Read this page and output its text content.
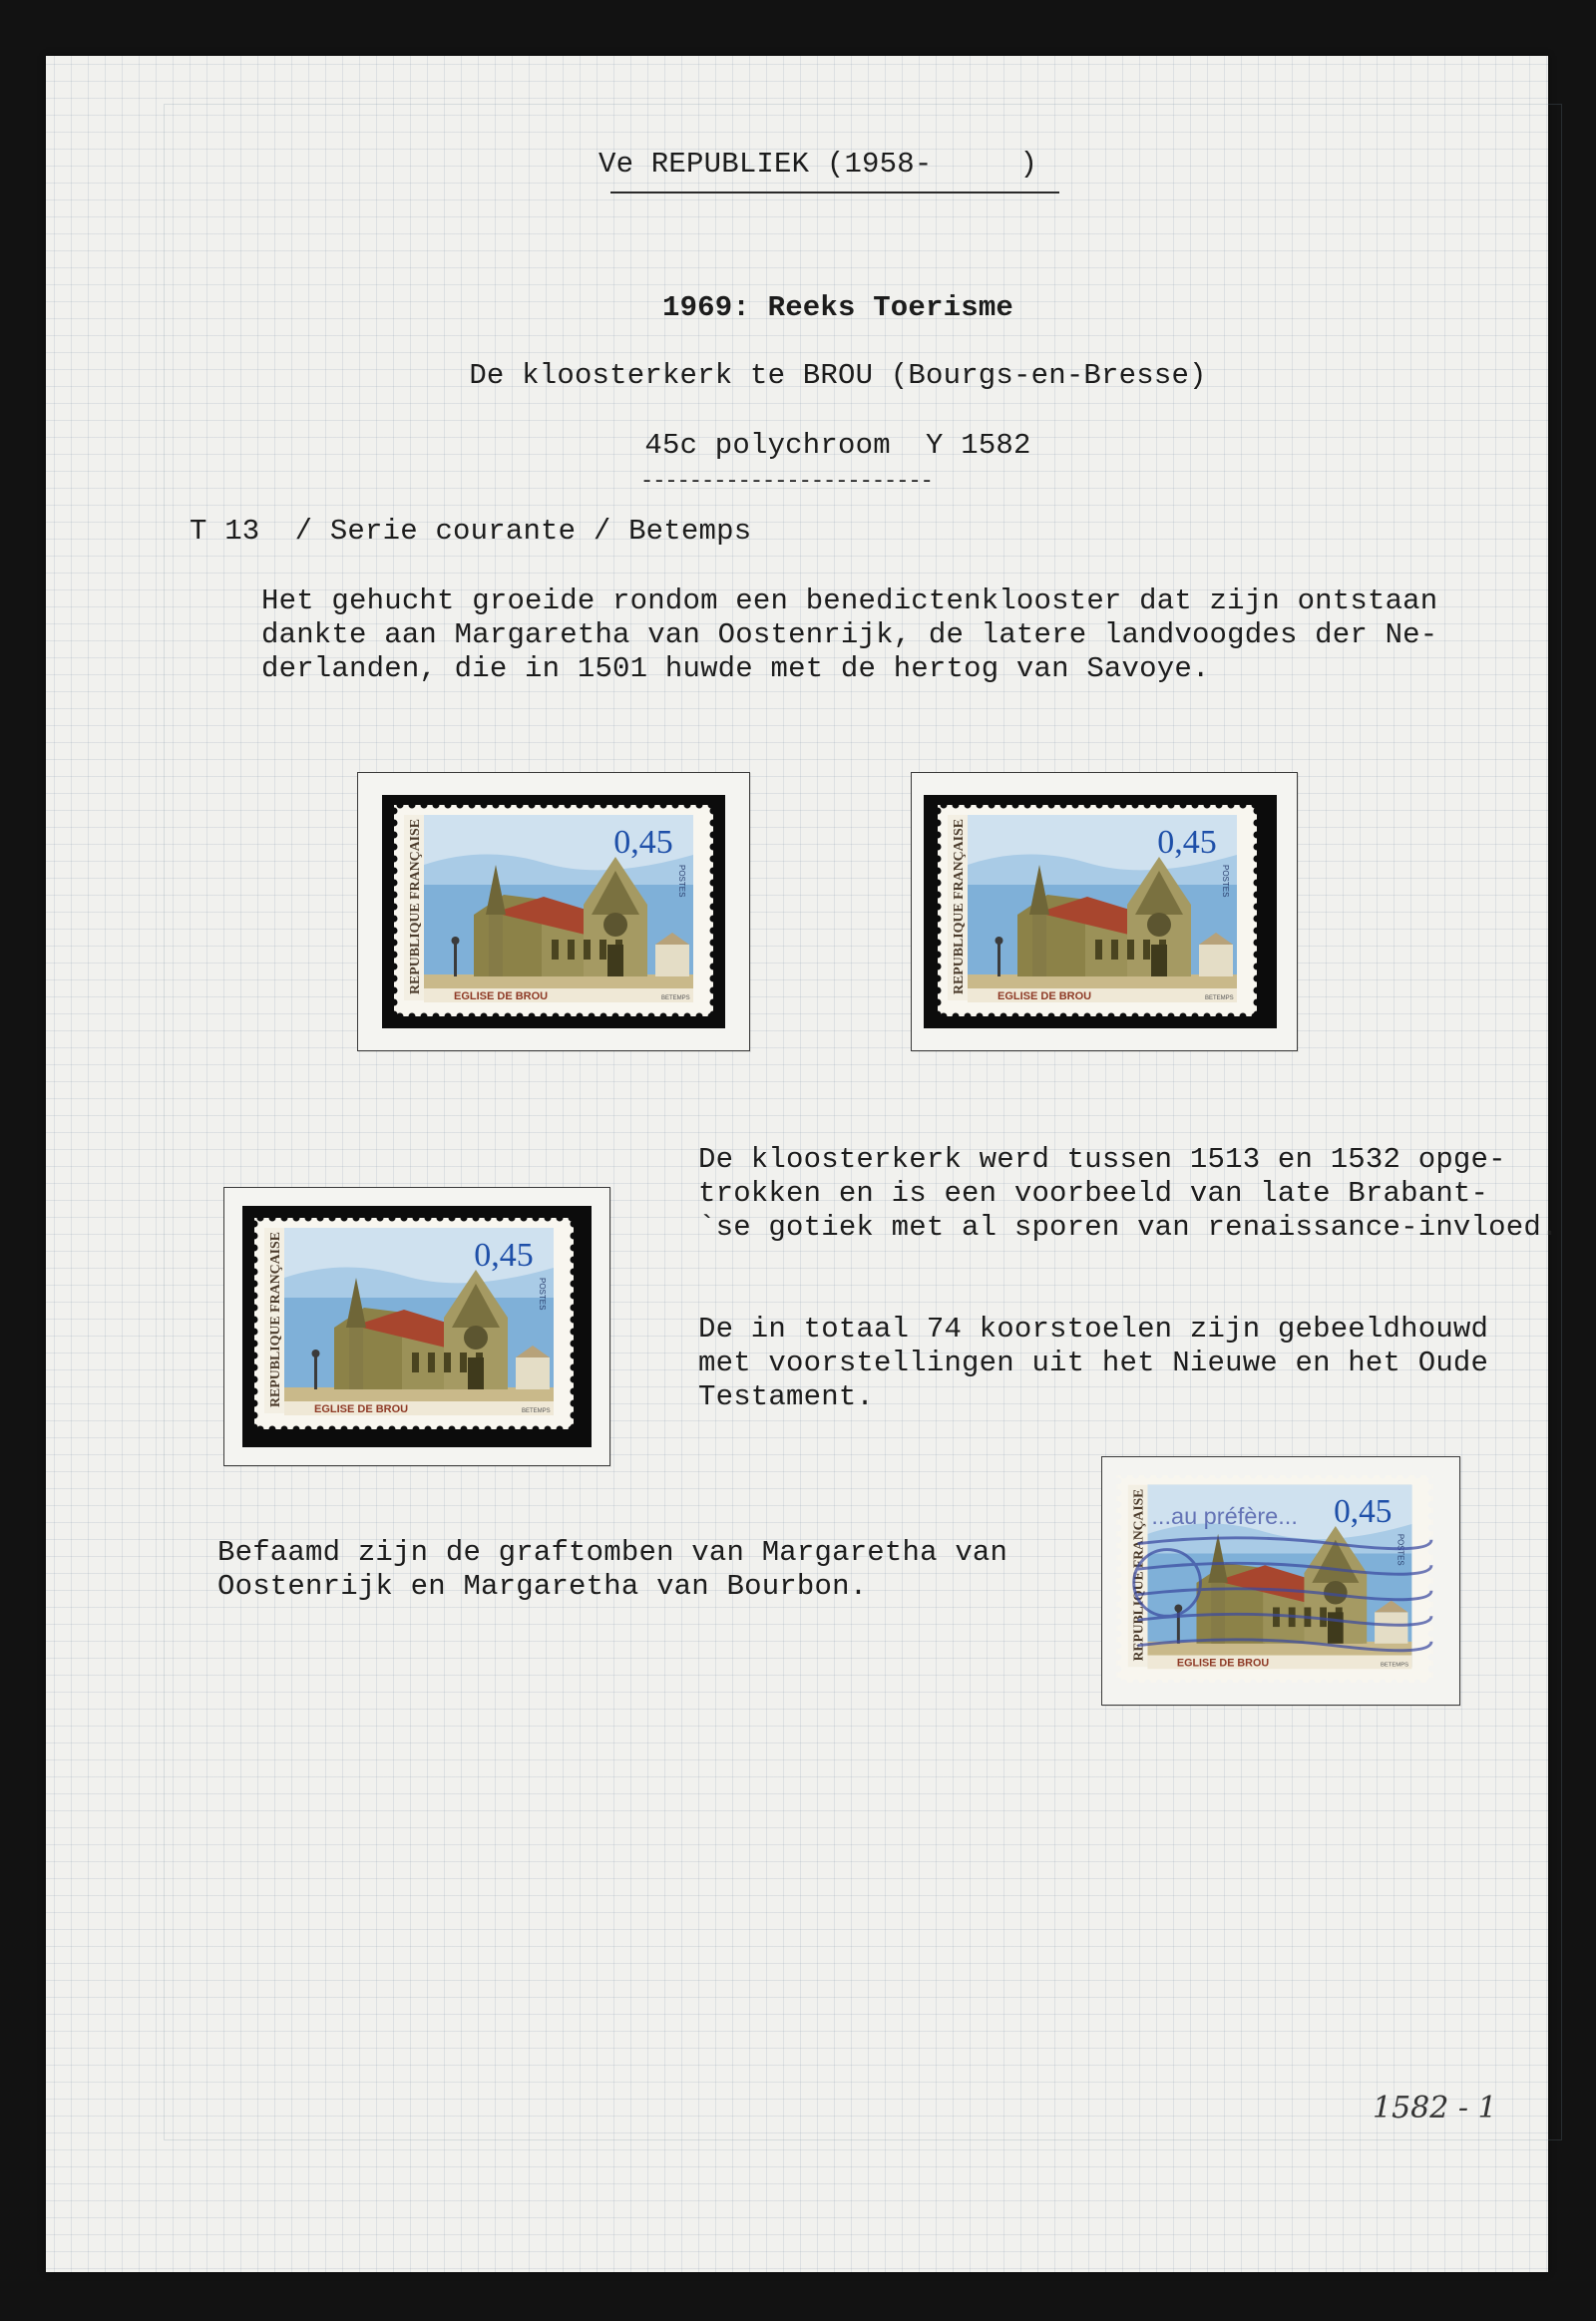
Ve REPUBLIEK (1958-     )
1969: Reeks Toerisme
De kloosterkerk te BROU (Bourgs-en-Bresse)
45c polychroom  Y 1582
------------------------
T 13  / Serie courante / Betemps
Het gehucht groeide rondom een benedictenklooster dat zijn ontstaan
dankte aan Margaretha van Oostenrijk, de latere landvoogdes der Ne-
derlanden, die in 1501 huwde met de hertog van Savoye.
REPUBLIQUE FRANÇAISE	0,45
POSTES
EGLISE DE BROU	BETEMPS
REPUBLIQUE FRANÇAISE	0,45
POSTES
EGLISE DE BROU	BETEMPS
De kloosterkerk werd tussen 1513 en 1532 opge-
trokken en is een voorbeeld van late Brabant-
`se gotiek met al sporen van renaissance-invloed.
REPUBLIQUE FRANÇAISE	0,45
POSTES
EGLISE DE BROU	BETEMPS
De in totaal 74 koorstoelen zijn gebeeldhouwd
met voorstellingen uit het Nieuwe en het Oude
Testament.
REPUBLIQUE FRANÇAISE	0,45
POSTES
EGLISE DE BROU	BETEMPS
...au préfère...
Befaamd zijn de graftomben van Margaretha van
Oostenrijk en Margaretha van Bourbon.
1582 - 1
